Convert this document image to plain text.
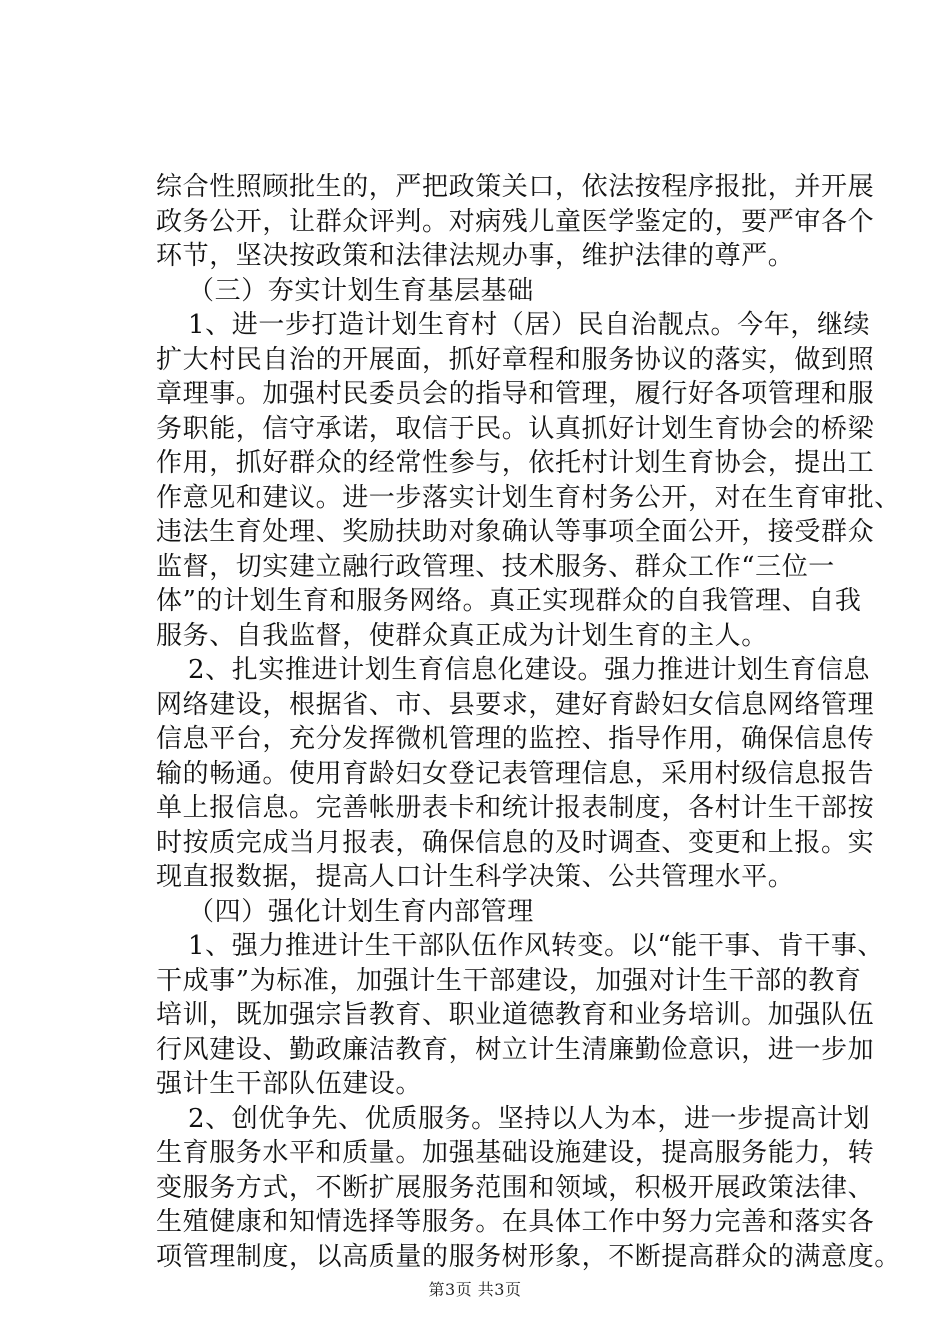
综合性照顾批生的，严把政策关口，依法按程序报批，并开展
政务公开，让群众评判。对病残儿童医学鉴定的，要严审各个
环节，坚决按政策和法律法规办事，维护法律的尊严。
（三）夯实计划生育基层基础
1、进一步打造计划生育村（居）民自治靓点。今年，继续
扩大村民自治的开展面，抓好章程和服务协议的落实，做到照
章理事。加强村民委员会的指导和管理，履行好各项管理和服
务职能，信守承诺，取信于民。认真抓好计划生育协会的桥梁
作用，抓好群众的经常性参与，依托村计划生育协会，提出工
作意见和建议。进一步落实计划生育村务公开，对在生育审批、
违法生育处理、奖励扶助对象确认等事项全面公开，接受群众
监督，切实建立融行政管理、技术服务、群众工作“三位一
体”的计划生育和服务网络。真正实现群众的自我管理、自我
服务、自我监督，使群众真正成为计划生育的主人。
2、扎实推进计划生育信息化建设。强力推进计划生育信息
网络建设，根据省、市、县要求，建好育龄妇女信息网络管理
信息平台，充分发挥微机管理的监控、指导作用，确保信息传
输的畅通。使用育龄妇女登记表管理信息，采用村级信息报告
单上报信息。完善帐册表卡和统计报表制度，各村计生干部按
时按质完成当月报表，确保信息的及时调查、变更和上报。实
现直报数据，提高人口计生科学决策、公共管理水平。
（四）强化计划生育内部管理
1、强力推进计生干部队伍作风转变。以“能干事、肯干事、
干成事”为标准，加强计生干部建设，加强对计生干部的教育
培训，既加强宗旨教育、职业道德教育和业务培训。加强队伍
行风建设、勤政廉洁教育，树立计生清廉勤俭意识，进一步加
强计生干部队伍建设。
2、创优争先、优质服务。坚持以人为本，进一步提高计划
生育服务水平和质量。加强基础设施建设，提高服务能力，转
变服务方式，不断扩展服务范围和领域，积极开展政策法律、
生殖健康和知情选择等服务。在具体工作中努力完善和落实各
项管理制度，以高质量的服务树形象，不断提高群众的满意度。
第3页 共3页
